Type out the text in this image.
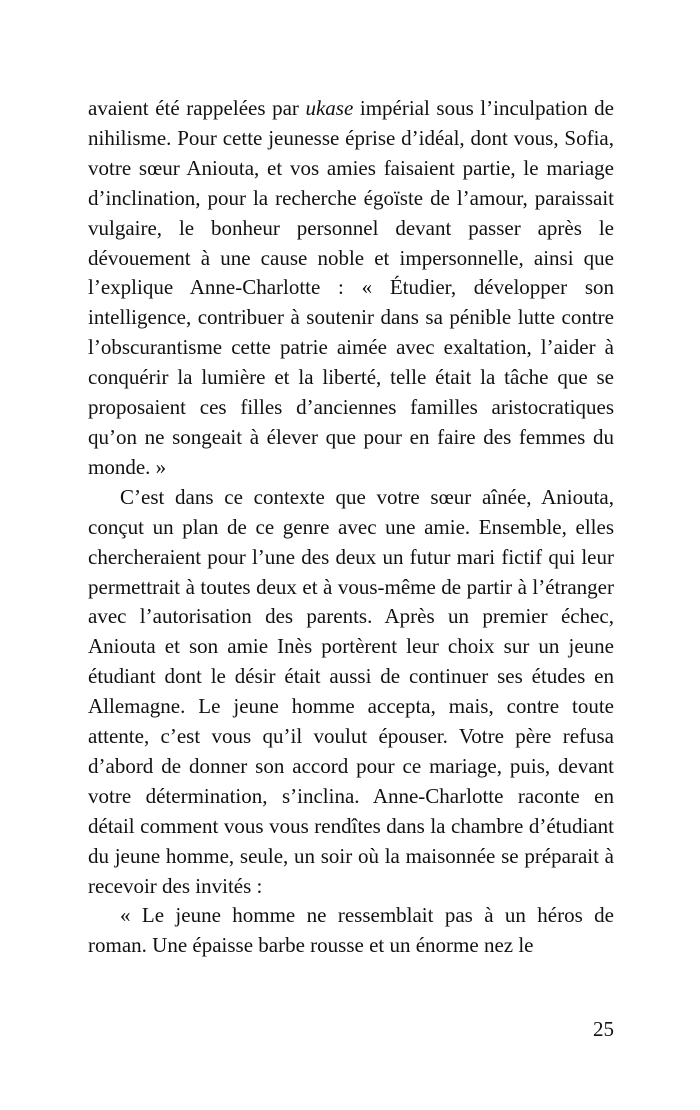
avaient été rappelées par ukase impérial sous l’inculpation de nihilisme. Pour cette jeunesse éprise d’idéal, dont vous, Sofia, votre sœur Aniouta, et vos amies faisaient partie, le mariage d’inclination, pour la recherche égoïste de l’amour, paraissait vulgaire, le bonheur personnel devant passer après le dévouement à une cause noble et impersonnelle, ainsi que l’explique Anne-Charlotte : « Étudier, développer son intelligence, contribuer à soutenir dans sa pénible lutte contre l’obscurantisme cette patrie aimée avec exaltation, l’aider à conquérir la lumière et la liberté, telle était la tâche que se proposaient ces filles d’anciennes familles aristocratiques qu’on ne songeait à élever que pour en faire des femmes du monde. »

C’est dans ce contexte que votre sœur aînée, Aniouta, conçut un plan de ce genre avec une amie. Ensemble, elles chercheraient pour l’une des deux un futur mari fictif qui leur permettrait à toutes deux et à vous-même de partir à l’étranger avec l’autorisation des parents. Après un premier échec, Aniouta et son amie Inès portèrent leur choix sur un jeune étudiant dont le désir était aussi de continuer ses études en Allemagne. Le jeune homme accepta, mais, contre toute attente, c’est vous qu’il voulut épouser. Votre père refusa d’abord de donner son accord pour ce mariage, puis, devant votre détermination, s’inclina. Anne-Charlotte raconte en détail comment vous vous rendîtes dans la chambre d’étudiant du jeune homme, seule, un soir où la maisonnée se préparait à recevoir des invités :

« Le jeune homme ne ressemblait pas à un héros de roman. Une épaisse barbe rousse et un énorme nez le

25
